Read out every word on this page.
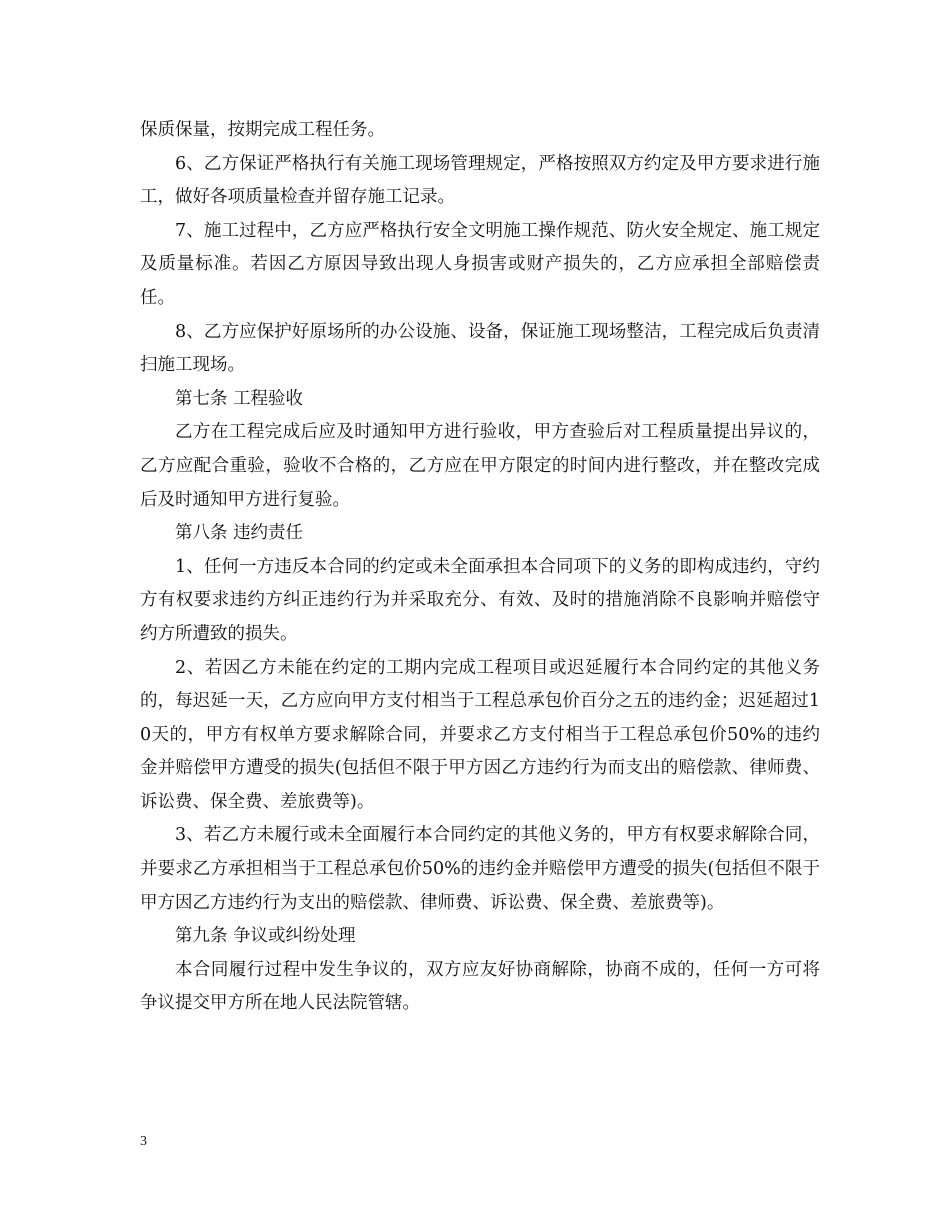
保质保量，按期完成工程任务。

6、乙方保证严格执行有关施工现场管理规定，严格按照双方约定及甲方要求进行施工，做好各项质量检查并留存施工记录。

7、施工过程中，乙方应严格执行安全文明施工操作规范、防火安全规定、施工规定及质量标准。若因乙方原因导致出现人身损害或财产损失的，乙方应承担全部赔偿责任。

8、乙方应保护好原场所的办公设施、设备，保证施工现场整洁，工程完成后负责清扫施工现场。

第七条 工程验收

乙方在工程完成后应及时通知甲方进行验收，甲方查验后对工程质量提出异议的，乙方应配合重验，验收不合格的，乙方应在甲方限定的时间内进行整改，并在整改完成后及时通知甲方进行复验。

第八条 违约责任

1、任何一方违反本合同的约定或未全面承担本合同项下的义务的即构成违约，守约方有权要求违约方纠正违约行为并采取充分、有效、及时的措施消除不良影响并赔偿守约方所遭致的损失。

2、若因乙方未能在约定的工期内完成工程项目或迟延履行本合同约定的其他义务的，每迟延一天，乙方应向甲方支付相当于工程总承包价百分之五的违约金；迟延超过10天的，甲方有权单方要求解除合同，并要求乙方支付相当于工程总承包价50%的违约金并赔偿甲方遭受的损失(包括但不限于甲方因乙方违约行为而支出的赔偿款、律师费、诉讼费、保全费、差旅费等)。

3、若乙方未履行或未全面履行本合同约定的其他义务的，甲方有权要求解除合同，并要求乙方承担相当于工程总承包价50%的违约金并赔偿甲方遭受的损失(包括但不限于甲方因乙方违约行为支出的赔偿款、律师费、诉讼费、保全费、差旅费等)。

第九条 争议或纠纷处理

本合同履行过程中发生争议的，双方应友好协商解除，协商不成的，任何一方可将争议提交甲方所在地人民法院管辖。

3
